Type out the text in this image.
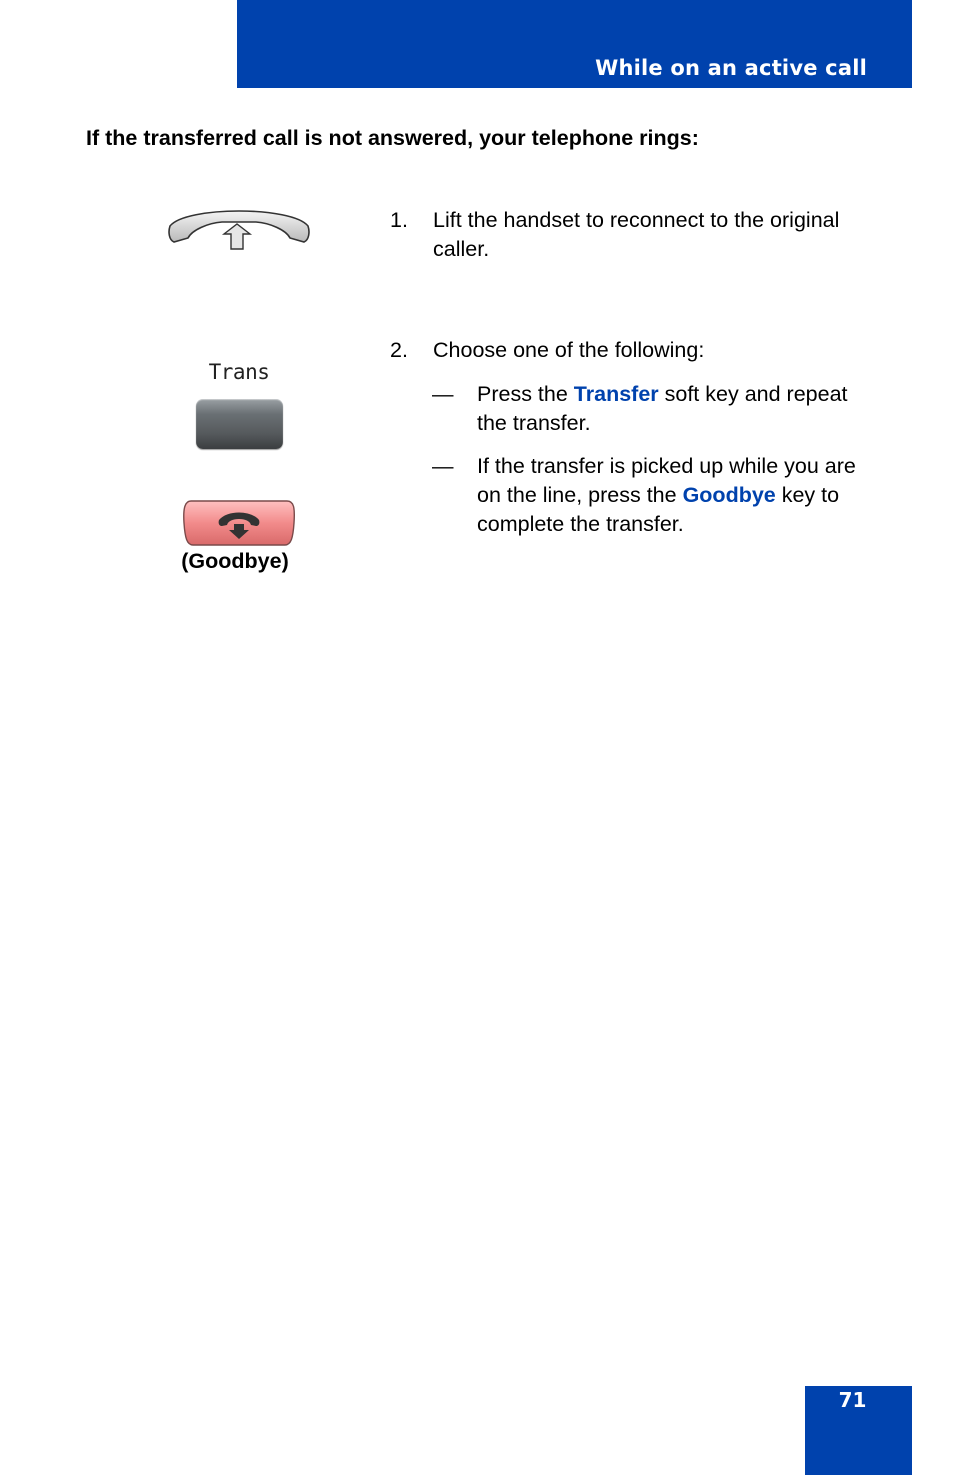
While on an active call
If the transferred call is not answered, your telephone rings:
1. Lift the handset to reconnect to the original caller.
Trans
2. Choose one of the following:
— Press the Transfer soft key and repeat the transfer.
— If the transfer is picked up while you are on the line, press the Goodbye key to complete the transfer.
(Goodbye)
71
